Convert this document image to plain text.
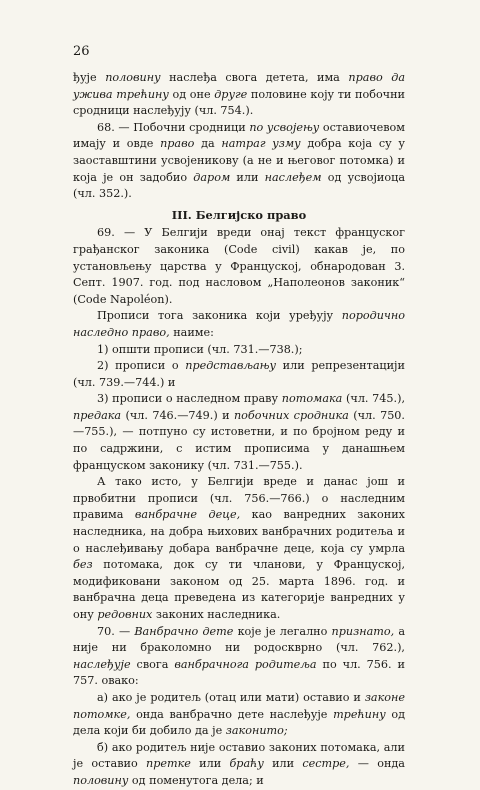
26

ђује половину наслеђа свога детета, има право да ужива трећину од оне друге половине коју ти побочни сродници наслеђују (чл. 754.).

68. — Побочни сродници по усвојењу оставиочевом имају и овде право да натраг узму добра која су у заоставштини усвојеникову (а не и његовог потомка) и која је он задобио даром или наслеђем од усвојиоца (чл. 352.).

III. Белгијско право

69. — У Белгији вреди онај текст француског грађанског законика (Code civil) какав је, по установљењу царства у Француској, обнародован 3. Септ. 1907. год. под насловом „Наполеонов законик“ (Code Napoléon).

Прописи тога законика који уређују породично наследно право, наиме:

1) општи прописи (чл. 731.—738.);

2) прописи о представљању или репрезентацији (чл. 739.—744.) и

3) прописи о наследном праву потомака (чл. 745.), предака (чл. 746.—749.) и побочних сродника (чл. 750.—755.), — потпуно су истоветни, и по бројном реду и по садржини, с истим прописима у данашњем француском законику (чл. 731.—755.).

А тако исто, у Белгији вреде и данас још и првобитни прописи (чл. 756.—766.) о наследним правима ванбрачне деце, као ванредних законих наследника, на добра њихових ванбрачних родитеља и о наслеђивању добара ванбрачне деце, која су умрла без потомака, док су ти чланови, у Француској, модификовани законом од 25. марта 1896. год. и ванбрачна деца преведена из категорије ванредних у ону редовних законих наследника.

70. — Ванбрачно дете које је легално признато, а није ни браколомно ни родоскврно (чл. 762.), наслеђује свога ванбрачнога родитеља по чл. 756. и 757. овако:

а) ако је родитељ (отац или мати) оставио и законе потомке, онда ванбрачно дете наслеђује трећину од дела који би добило да је законито;

б) ако родитељ није оставио законих потомака, али је оставио претке или браћу или сестре, — онда половину од поменутога дела; и
